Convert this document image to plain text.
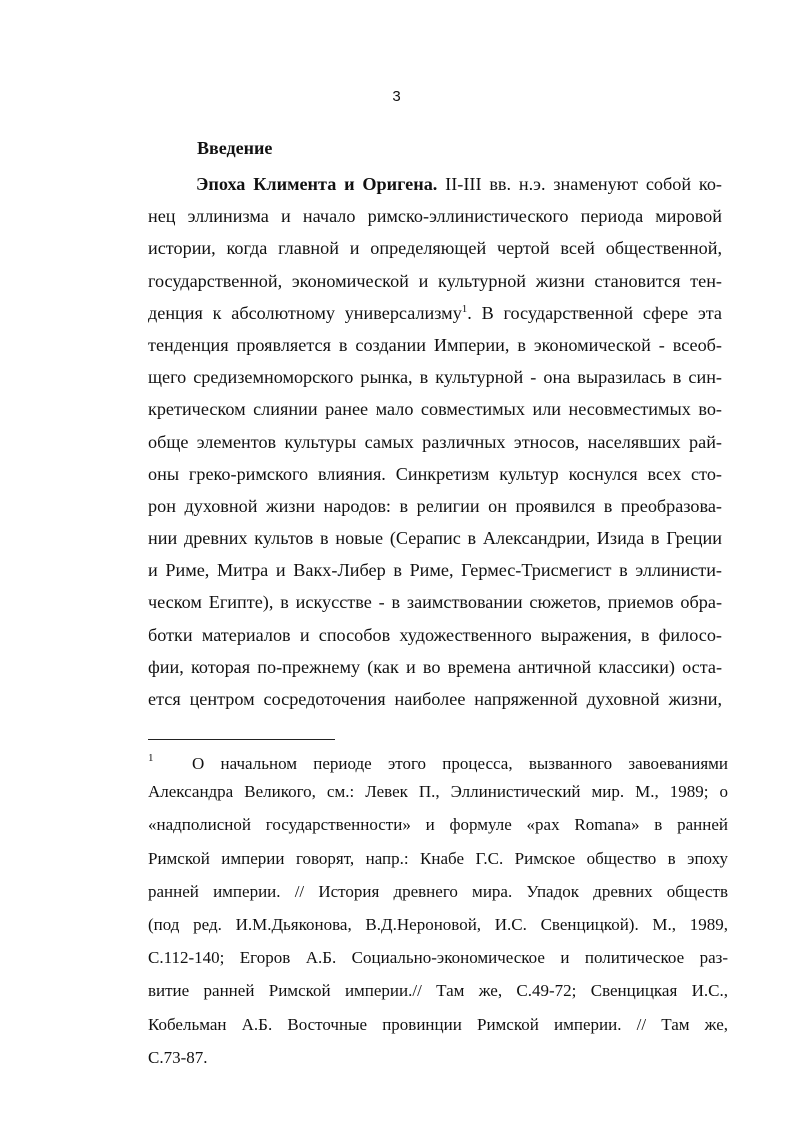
3
Введение
Эпоха Климента и Оригена. II-III вв. н.э. знаменуют собой ко-
нец эллинизма и начало римско-эллинистического периода мировой
истории, когда главной и определяющей чертой всей общественной,
государственной, экономической и культурной жизни становится тен-
денция к абсолютному универсализму$^1$. В государственной сфере эта
тенденция проявляется в создании Империи, в экономической - всеоб-
щего средиземноморского рынка, в культурной - она выразилась в син-
кретическом слиянии ранее мало совместимых или несовместимых во-
обще элементов культуры самых различных этносов, населявших рай-
оны греко-римского влияния. Синкретизм культур коснулся всех сто-
рон духовной жизни народов: в религии он проявился в преобразова-
нии древних культов в новые (Серапис в Александрии, Изида в Греции
и Риме, Митра и Вакх-Либер в Риме, Гермес-Трисмегист в эллинисти-
ческом Египте), в искусстве - в заимствовании сюжетов, приемов обра-
ботки материалов и способов художественного выражения, в филосо-
фии, которая по-прежнему (как и во времена античной классики) оста-
ется центром сосредоточения наиболее напряженной духовной жизни,
1 О начальном периоде этого процесса, вызванного завоеваниями
Александра Великого, см.: Левек П., Эллинистический мир. М., 1989; о
«надполисной государственности» и формуле «pax Romana» в ранней
Римской империи говорят, напр.: Кнабе Г.С. Римское общество в эпоху
ранней империи. // История древнего мира. Упадок древних обществ
(под ред. И.М.Дьяконова, В.Д.Нероновой, И.С. Свенцицкой). М., 1989,
С.112-140; Егоров А.Б. Социально-экономическое и политическое раз-
витие ранней Римской империи.// Там же, С.49-72; Свенцицкая И.С.,
Кобельман А.Б. Восточные провинции Римской империи. // Там же,
С.73-87.
